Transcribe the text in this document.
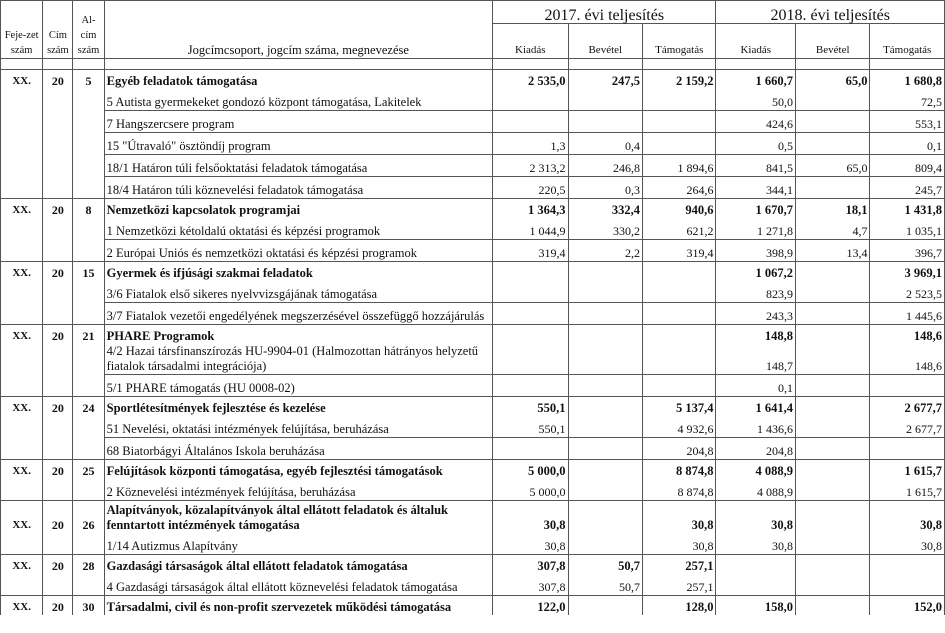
Feje-zet szám	Cím szám	Al-cím szám	Jogcímcsoport, jogcím száma, megnevezése	2017. évi teljesítés			2018. évi teljesítés		
				Kiadás	Bevétel	Támogatás	Kiadás	Bevétel	Támogatás

XX.	20	5	Egyéb feladatok támogatása	2 535,0	247,5	2 159,2	1 660,7	65,0	1 680,8
			5 Autista gyermekeket gondozó központ támogatása, Lakitelek				50,0		72,5
			7 Hangszercsere program				424,6		553,1
			15 "Útravaló" ösztöndíj program	1,3	0,4		0,5		0,1
			18/1 Határon túli felsőoktatási feladatok támogatása	2 313,2	246,8	1 894,6	841,5	65,0	809,4
			18/4 Határon túli köznevelési feladatok támogatása	220,5	0,3	264,6	344,1		245,7
XX.	20	8	Nemzetközi kapcsolatok programjai	1 364,3	332,4	940,6	1 670,7	18,1	1 431,8
			1 Nemzetközi kétoldalú oktatási és képzési programok	1 044,9	330,2	621,2	1 271,8	4,7	1 035,1
			2 Európai Uniós és nemzetközi oktatási és képzési programok	319,4	2,2	319,4	398,9	13,4	396,7
XX.	20	15	Gyermek és ifjúsági szakmai feladatok				1 067,2		3 969,1
			3/6 Fiatalok első sikeres nyelvvizsgájának támogatása				823,9		2 523,5
			3/7 Fiatalok vezetői engedélyének megszerzésével összefüggő hozzájárulás				243,3		1 445,6
XX.	20	21	PHARE Programok				148,8		148,6
			4/2 Hazai társfinanszírozás HU-9904-01 (Halmozottan hátrányos helyzetű fiatalok társadalmi integrációja)				148,7		148,6
			5/1 PHARE támogatás (HU 0008-02)				0,1		
XX.	20	24	Sportlétesítmények fejlesztése és kezelése	550,1		5 137,4	1 641,4		2 677,7
			51 Nevelési, oktatási intézmények felújítása, beruházása	550,1		4 932,6	1 436,6		2 677,7
			68 Biatorbágyi Általános Iskola beruházása			204,8	204,8		
XX.	20	25	Felújítások központi támogatása, egyéb fejlesztési támogatások	5 000,0		8 874,8	4 088,9		1 615,7
			2 Köznevelési intézmények felújítása, beruházása	5 000,0		8 874,8	4 088,9		1 615,7
XX.	20	26	Alapítványok, közalapítványok által ellátott feladatok és általuk fenntartott intézmények támogatása	30,8		30,8	30,8		30,8
			1/14 Autizmus Alapítvány	30,8		30,8	30,8		30,8
XX.	20	28	Gazdasági társaságok által ellátott feladatok támogatása	307,8	50,7	257,1			
			4 Gazdasági társaságok által ellátott köznevelési feladatok támogatása	307,8	50,7	257,1			
XX.	20	30	Társadalmi, civil és non-profit szervezetek működési támogatása	122,0		128,0	158,0		152,0
